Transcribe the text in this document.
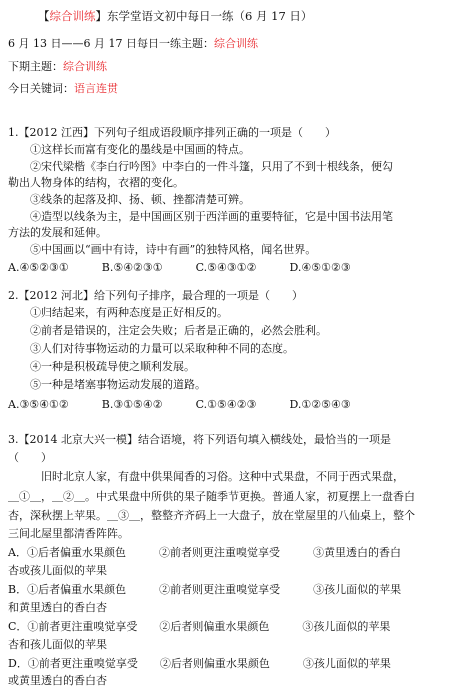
【综合训练】东学堂语文初中每日一练（6 月 17 日）
6 月 13 日——6 月 17 日每日一练主题：综合训练
下期主题：综合训练
今日关键词：语言连贯
1.【2012 江西】下列句子组成语段顺序排列正确的一项是（　　）
　　①这样长而富有变化的墨线是中国画的特点。
　　②宋代梁楷《李白行吟图》中李白的一件斗篷，只用了不到十根线条，便勾
勒出人物身体的结构，衣褶的变化。
　　③线条的起落及抑、扬、顿、挫都清楚可辨。
　　④造型以线条为主，是中国画区别于西洋画的重要特征，它是中国书法用笔
方法的发展和延伸。
　　⑤中国画以“画中有诗，诗中有画”的独特风格，闻名世界。
A.④⑤②③①　　　B.⑤④②③①　　　C.⑤④③①②　　　D.④⑤①②③
2.【2012 河北】给下列句子排序，最合理的一项是（　　）
　　①归结起来，有两种态度是正好相反的。
　　②前者是错误的，注定会失败；后者是正确的，必然会胜利。
　　③人们对待事物运动的力量可以采取种种不同的态度。
　　④一种是积极疏导使之顺利发展。
　　⑤一种是堵塞事物运动发展的道路。
A.③⑤④①②　　　B.③①⑤④②　　　C.①⑤④②③　　　D.①②⑤④③
3.【2014 北京大兴一模】结合语境，将下列语句填入横线处，最恰当的一项是
（　　）
　　　旧时北京人家，有盘中供果闻香的习俗。这种中式果盘，不同于西式果盘，
＿①＿，＿②＿。中式果盘中所供的果子随季节更换。普通人家，初夏摆上一盘香白
杏，深秋摆上苹果。＿③＿，整整齐齐码上一大盘子，放在堂屋里的八仙桌上，整个
三间北屋里都清香阵阵。
A．①后者偏重水果颜色　　　②前者则更注重嗅觉享受　　　③黄里透白的香白
杏或孩儿面似的苹果
B．①后者偏重水果颜色　　　②前者则更注重嗅觉享受　　　③孩儿面似的苹果
和黄里透白的香白杏
C．①前者更注重嗅觉享受　　②后者则偏重水果颜色　　　③孩儿面似的苹果
杏和孩儿面似的苹果
D．①前者更注重嗅觉享受　　②后者则偏重水果颜色　　　③孩儿面似的苹果
或黄里透白的香白杏
